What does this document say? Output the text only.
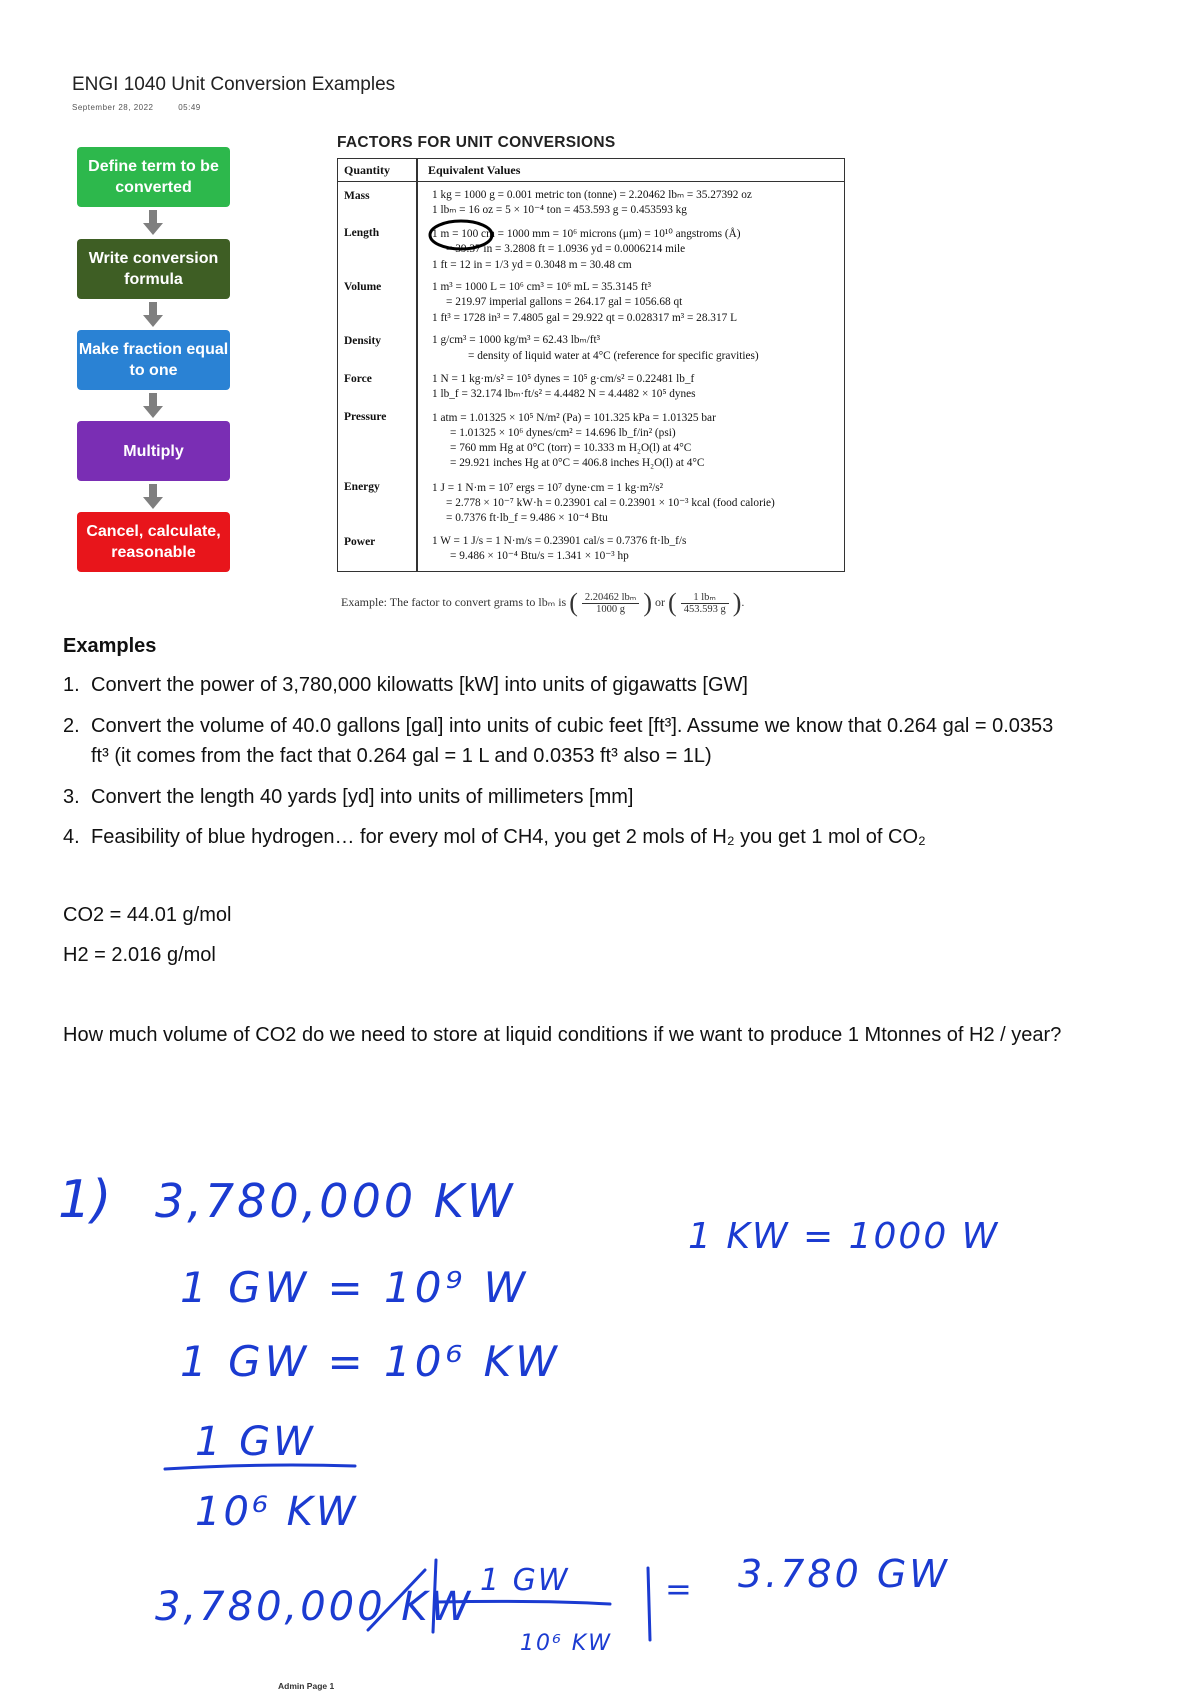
ENGI 1040 Unit Conversion Examples
September 28, 2022	05:49
Define term to be converted
Write conversion formula
Make fraction equal to one
Multiply
Cancel, calculate, reasonable
FACTORS FOR UNIT CONVERSIONS
Quantity	Equivalent Values
Mass	1 kg = 1000 g = 0.001 metric ton (tonne) = 2.20462 lbₘ = 35.27392 oz
1 lbₘ = 16 oz = 5 × 10⁻⁴ ton = 453.593 g = 0.453593 kg
Length	1 m = 100 cm = 1000 mm = 10⁶ microns (μm) = 10¹⁰ angstroms (Å)
= 39.37 in = 3.2808 ft = 1.0936 yd = 0.0006214 mile
1 ft = 12 in = 1/3 yd = 0.3048 m = 30.48 cm
Volume	1 m³ = 1000 L = 10⁶ cm³ = 10⁶ mL = 35.3145 ft³
= 219.97 imperial gallons = 264.17 gal = 1056.68 qt
1 ft³ = 1728 in³ = 7.4805 gal = 29.922 qt = 0.028317 m³ = 28.317 L
Density	1 g/cm³ = 1000 kg/m³ = 62.43 lbₘ/ft³
= density of liquid water at 4°C (reference for specific gravities)
Force	1 N = 1 kg·m/s² = 10⁵ dynes = 10⁵ g·cm/s² = 0.22481 lb_f
1 lb_f = 32.174 lbₘ·ft/s² = 4.4482 N = 4.4482 × 10⁵ dynes
Pressure	1 atm = 1.01325 × 10⁵ N/m² (Pa) = 101.325 kPa = 1.01325 bar
= 1.01325 × 10⁶ dynes/cm² = 14.696 lb_f/in² (psi)
= 760 mm Hg at 0°C (torr) = 10.333 m H₂O(l) at 4°C
= 29.921 inches Hg at 0°C = 406.8 inches H₂O(l) at 4°C
Energy	1 J = 1 N·m = 10⁷ ergs = 10⁷ dyne·cm = 1 kg·m²/s²
= 2.778 × 10⁻⁷ kW·h = 0.23901 cal = 0.23901 × 10⁻³ kcal (food calorie)
= 0.7376 ft·lb_f = 9.486 × 10⁻⁴ Btu
Power	1 W = 1 J/s = 1 N·m/s = 0.23901 cal/s = 0.7376 ft·lb_f/s
= 9.486 × 10⁻⁴ Btu/s = 1.341 × 10⁻³ hp
Example: The factor to convert grams to lbₘ is ( $\frac{\text{2.20462 lbₘ}}{1000 g}$ ) or ( $\frac{\text{1 lbₘ}}{453.593 g}$ ).
Examples
1. Convert the power of 3,780,000 kilowatts [kW] into units of gigawatts [GW]
2. Convert the volume of 40.0 gallons [gal] into units of cubic feet [ft³]. Assume we know that 0.264 gal = 0.0353
ft³ (it comes from the fact that 0.264 gal = 1 L and 0.0353 ft³ also = 1L)
3. Convert the length 40 yards [yd] into units of millimeters [mm]
4. Feasibility of blue hydrogen… for every mol of CH4, you get 2 mols of H₂ you get 1 mol of CO₂
CO2 = 44.01 g/mol
H2 = 2.016 g/mol
How much volume of CO2 do we need to store at liquid conditions if we want to produce 1 Mtonnes of H2 / year?
1) 3,780,000 KW
1 GW = 10⁹ W
1 GW = 10⁶ KW
1 KW = 1000 W
1 GW
10⁶ KW
3,780,000 KW
1 GW
10⁶ KW
= 3.780 GW
Admin Page 1
